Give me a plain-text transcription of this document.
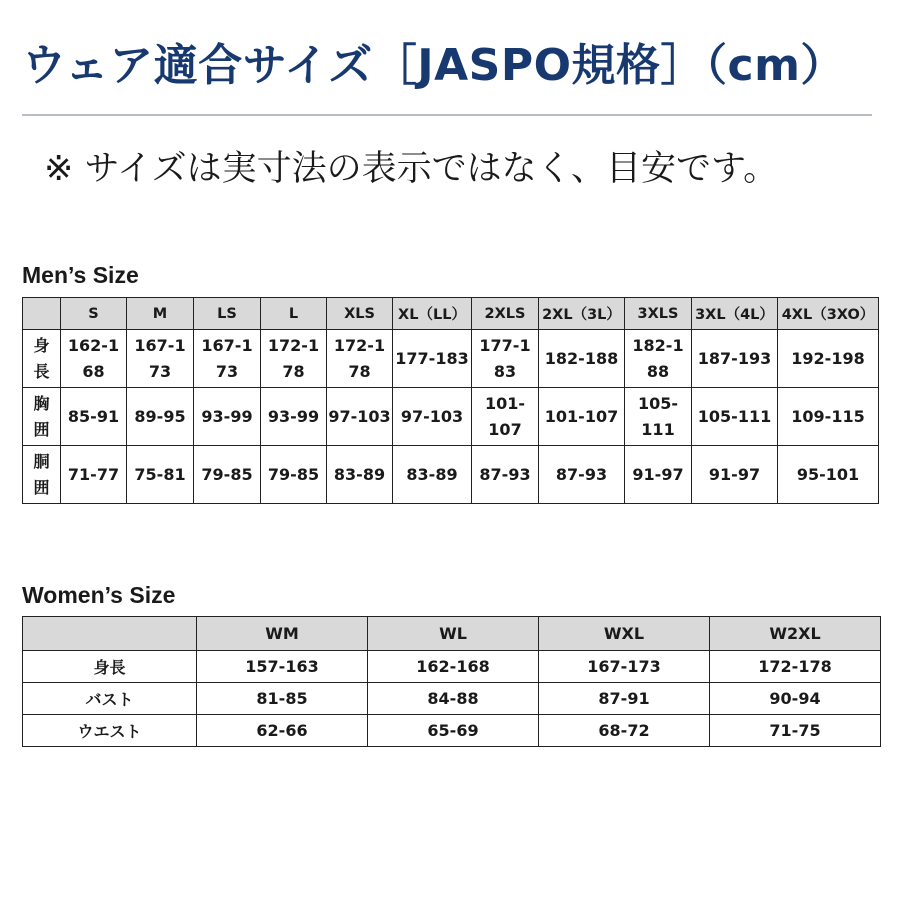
ウェア適合サイズ［JASPO規格］（cm）

※ サイズは実寸法の表示ではなく、目安です。

Men’s Size
	S	M	LS	L	XLS	XL（LL）	2XLS	2XL（3L）	3XLS	3XL（4L）	4XL（3XO）
身長	162-168	167-173	167-173	172-178	172-178	177-183	177-183	182-188	182-188	187-193	192-198
胸囲	85-91	89-95	93-99	93-99	97-103	97-103	101-107	101-107	105-111	105-111	109-115
胴囲	71-77	75-81	79-85	79-85	83-89	83-89	87-93	87-93	91-97	91-97	95-101
Women’s Size
	WM	WL	WXL	W2XL
身長	157-163	162-168	167-173	172-178
バスト	81-85	84-88	87-91	90-94
ウエスト	62-66	65-69	68-72	71-75
